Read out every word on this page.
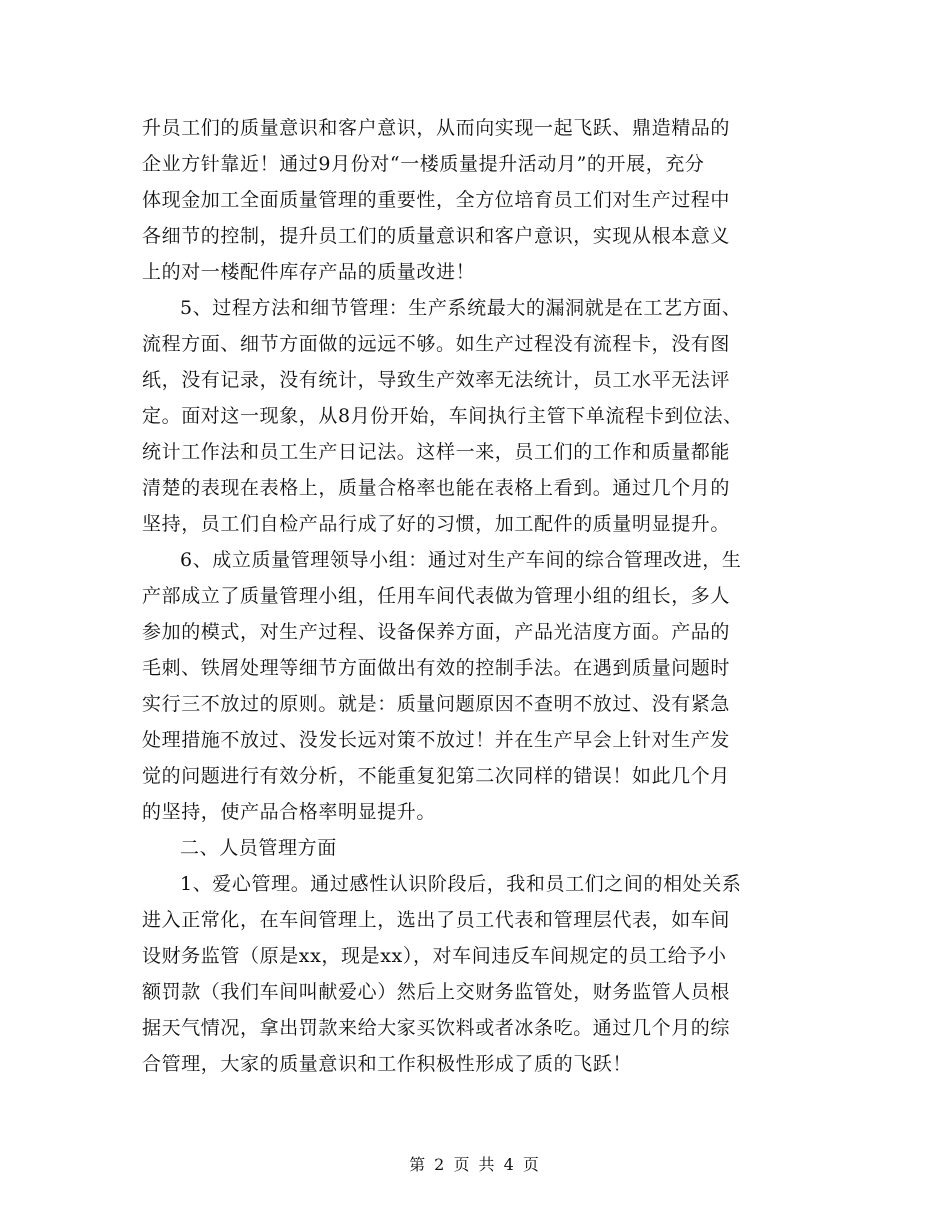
升员工们的质量意识和客户意识，从而向实现一起飞跃、鼎造精品的
企业方针靠近！通过9月份对“一楼质量提升活动月”的开展，充分
体现金加工全面质量管理的重要性，全方位培育员工们对生产过程中
各细节的控制，提升员工们的质量意识和客户意识，实现从根本意义
上的对一楼配件库存产品的质量改进！

5、过程方法和细节管理：生产系统最大的漏洞就是在工艺方面、
流程方面、细节方面做的远远不够。如生产过程没有流程卡，没有图
纸，没有记录，没有统计，导致生产效率无法统计，员工水平无法评
定。面对这一现象，从8月份开始，车间执行主管下单流程卡到位法、
统计工作法和员工生产日记法。这样一来，员工们的工作和质量都能
清楚的表现在表格上，质量合格率也能在表格上看到。通过几个月的
坚持，员工们自检产品行成了好的习惯，加工配件的质量明显提升。

6、成立质量管理领导小组：通过对生产车间的综合管理改进，生
产部成立了质量管理小组，任用车间代表做为管理小组的组长，多人
参加的模式，对生产过程、设备保养方面，产品光洁度方面。产品的
毛刺、铁屑处理等细节方面做出有效的控制手法。在遇到质量问题时
实行三不放过的原则。就是：质量问题原因不查明不放过、没有紧急
处理措施不放过、没发长远对策不放过！并在生产早会上针对生产发
觉的问题进行有效分析，不能重复犯第二次同样的错误！如此几个月
的坚持，使产品合格率明显提升。

二、人员管理方面

1、爱心管理。通过感性认识阶段后，我和员工们之间的相处关系
进入正常化，在车间管理上，选出了员工代表和管理层代表，如车间
设财务监管（原是xx，现是xx），对车间违反车间规定的员工给予小
额罚款（我们车间叫献爱心）然后上交财务监管处，财务监管人员根
据天气情况，拿出罚款来给大家买饮料或者冰条吃。通过几个月的综
合管理，大家的质量意识和工作积极性形成了质的飞跃！

第 2 页 共 4 页
